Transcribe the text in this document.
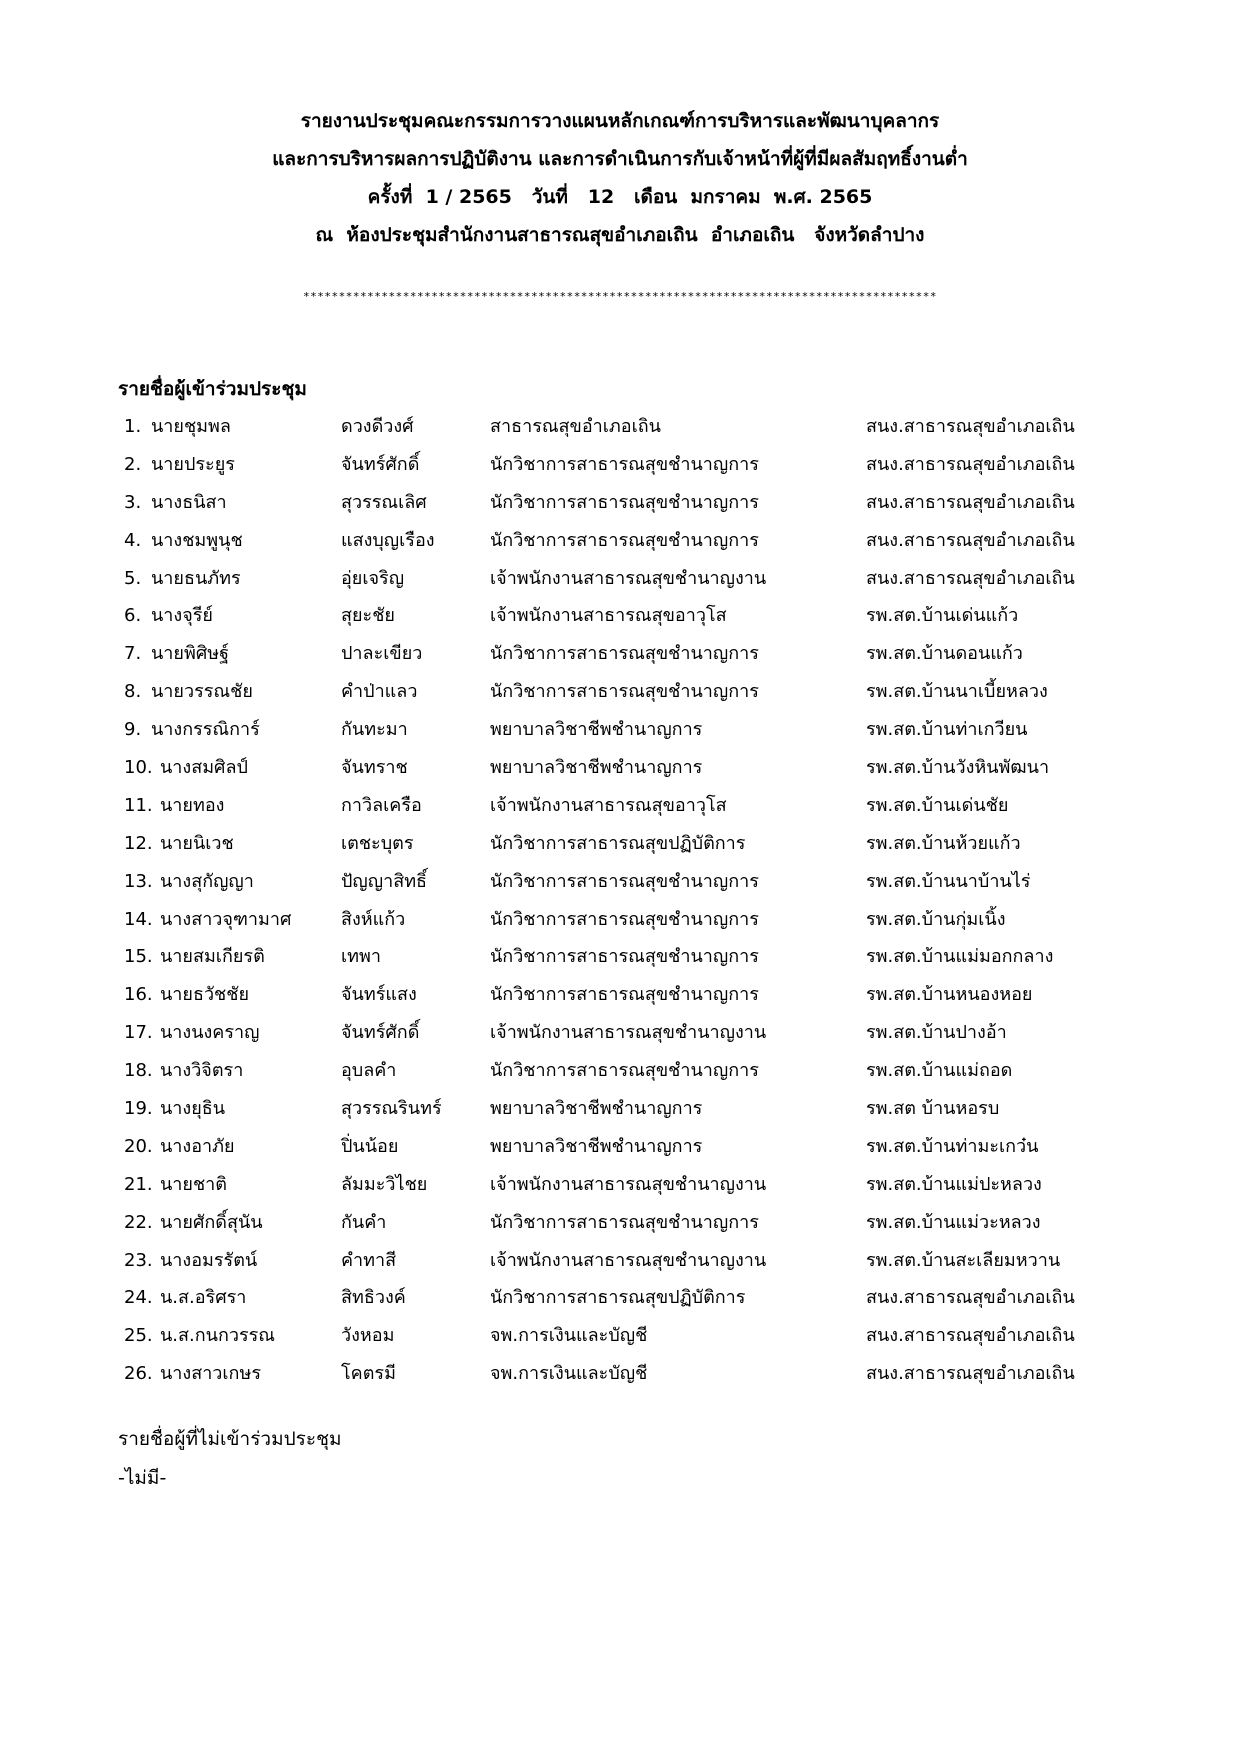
รายงานประชุมคณะกรรมการวางแผนหลักเกณฑ์การบริหารและพัฒนาบุคลากร
และการบริหารผลการปฏิบัติงาน และการดำเนินการกับเจ้าหน้าที่ผู้ที่มีผลสัมฤทธิ์งานต่ำ
ครั้งที่  1 / 2565   วันที่   12   เดือน  มกราคม  พ.ศ. 2565
ณ  ห้องประชุมสำนักงานสาธารณสุขอำเภอเถิน  อำเภอเถิน   จังหวัดลำปาง
*****************************************************************************************
รายชื่อผู้เข้าร่วมประชุม
1. นายชุมพล	ดวงดีวงศ์	สาธารณสุขอำเภอเถิน	สนง.สาธารณสุขอำเภอเถิน
2. นายประยูร	จันทร์ศักดิ์	นักวิชาการสาธารณสุขชำนาญการ	สนง.สาธารณสุขอำเภอเถิน
3. นางธนิสา	สุวรรณเลิศ	นักวิชาการสาธารณสุขชำนาญการ	สนง.สาธารณสุขอำเภอเถิน
4. นางชมพูนุช	แสงบุญเรือง	นักวิชาการสาธารณสุขชำนาญการ	สนง.สาธารณสุขอำเภอเถิน
5. นายธนภัทร	อุ่ยเจริญ	เจ้าพนักงานสาธารณสุขชำนาญงาน	สนง.สาธารณสุขอำเภอเถิน
6. นางจุรีย์	สุยะชัย	เจ้าพนักงานสาธารณสุขอาวุโส	รพ.สต.บ้านเด่นแก้ว
7. นายพิศิษฐ์	ปาละเขียว	นักวิชาการสาธารณสุขชำนาญการ	รพ.สต.บ้านดอนแก้ว
8. นายวรรณชัย	คำป่าแลว	นักวิชาการสาธารณสุขชำนาญการ	รพ.สต.บ้านนาเบี้ยหลวง
9. นางกรรณิการ์	กันทะมา	พยาบาลวิชาชีพชำนาญการ	รพ.สต.บ้านท่าเกวียน
10. นางสมศิลป์	จันทราช	พยาบาลวิชาชีพชำนาญการ	รพ.สต.บ้านวังหินพัฒนา
11. นายทอง	กาวิลเครือ	เจ้าพนักงานสาธารณสุขอาวุโส	รพ.สต.บ้านเด่นชัย
12. นายนิเวช	เตชะบุตร	นักวิชาการสาธารณสุขปฏิบัติการ	รพ.สต.บ้านห้วยแก้ว
13. นางสุกัญญา	ปัญญาสิทธิ์	นักวิชาการสาธารณสุขชำนาญการ	รพ.สต.บ้านนาบ้านไร่
14. นางสาวจุฑามาศ	สิงห์แก้ว	นักวิชาการสาธารณสุขชำนาญการ	รพ.สต.บ้านกุ่มเนิ้ง
15. นายสมเกียรติ	เทพา	นักวิชาการสาธารณสุขชำนาญการ	รพ.สต.บ้านแม่มอกกลาง
16. นายธวัชชัย	จันทร์แสง	นักวิชาการสาธารณสุขชำนาญการ	รพ.สต.บ้านหนองหอย
17. นางนงคราญ	จันทร์ศักดิ์	เจ้าพนักงานสาธารณสุขชำนาญงาน	รพ.สต.บ้านปางอ้า
18. นางวิจิตรา	อุบลคำ	นักวิชาการสาธารณสุขชำนาญการ	รพ.สต.บ้านแม่ถอด
19. นางยุธิน	สุวรรณรินทร์	พยาบาลวิชาชีพชำนาญการ	รพ.สต บ้านหอรบ
20. นางอาภัย	ปิ่นน้อย	พยาบาลวิชาชีพชำนาญการ	รพ.สต.บ้านท่ามะเกว๋น
21. นายชาติ	ลัมมะวิไชย	เจ้าพนักงานสาธารณสุขชำนาญงาน	รพ.สต.บ้านแม่ปะหลวง
22. นายศักดิ์สุนัน	กันคำ	นักวิชาการสาธารณสุขชำนาญการ	รพ.สต.บ้านแม่วะหลวง
23. นางอมรรัตน์	คำทาสี	เจ้าพนักงานสาธารณสุขชำนาญงาน	รพ.สต.บ้านสะเลียมหวาน
24. น.ส.อริศรา	สิทธิวงค์	นักวิชาการสาธารณสุขปฏิบัติการ	สนง.สาธารณสุขอำเภอเถิน
25. น.ส.กนกวรรณ	วังหอม	จพ.การเงินและบัญชี	สนง.สาธารณสุขอำเภอเถิน
26. นางสาวเกษร	โคตรมี	จพ.การเงินและบัญชี	สนง.สาธารณสุขอำเภอเถิน
รายชื่อผู้ที่ไม่เข้าร่วมประชุม
-ไม่มี-
